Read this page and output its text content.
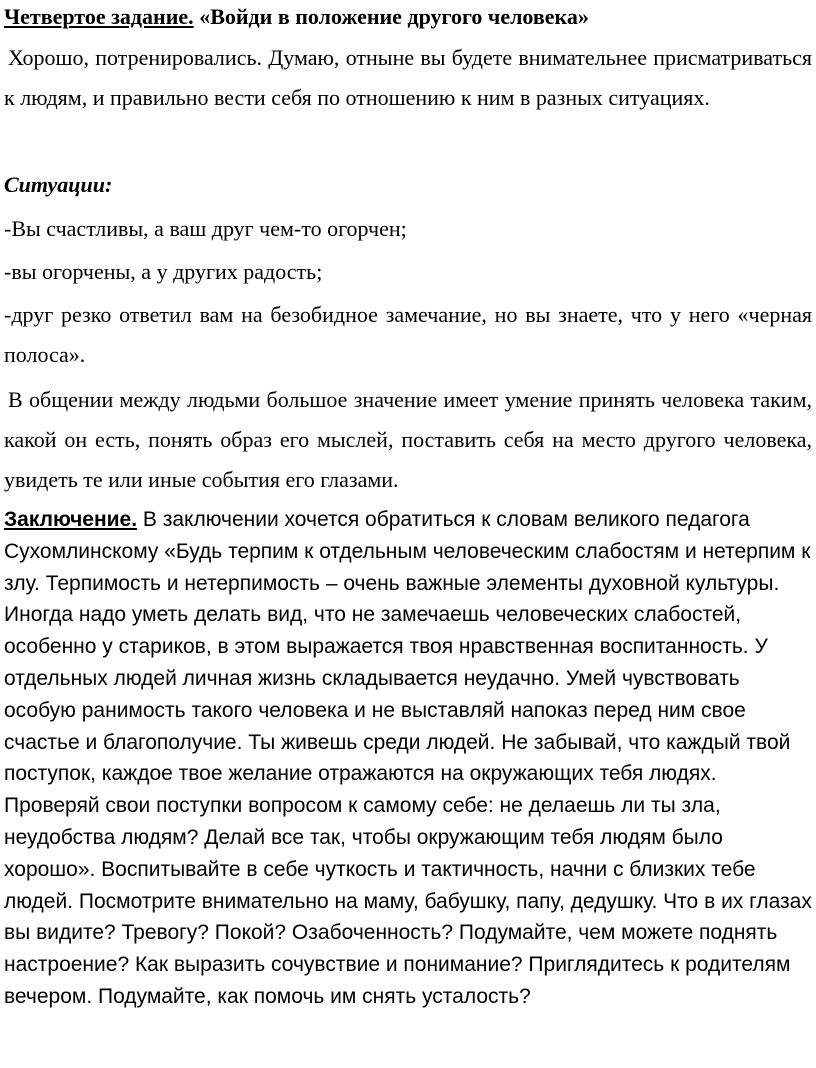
Четвертое задание. «Войди в положение другого человека»
Хорошо, потренировались. Думаю, отныне вы будете внимательнее присматриваться к людям, и правильно вести себя по отношению к ним в разных ситуациях.
Ситуации:
-Вы счастливы, а ваш друг чем-то огорчен;
-вы огорчены, а у других радость;
-друг резко ответил вам на безобидное замечание, но вы знаете, что у него «черная полоса».
В общении между людьми большое значение имеет умение принять человека таким, какой он есть, понять образ его мыслей, поставить себя на место другого человека, увидеть те или иные события его глазами.
Заключение. В заключении хочется обратиться к словам великого педагога Сухомлинскому «Будь терпим к отдельным человеческим слабостям и нетерпим к злу. Терпимость и нетерпимость – очень важные элементы духовной культуры. Иногда надо уметь делать вид, что не замечаешь человеческих слабостей, особенно у стариков, в этом выражается твоя нравственная воспитанность. У отдельных людей личная жизнь складывается неудачно. Умей чувствовать особую ранимость такого человека и не выставляй напоказ перед ним свое счастье и благополучие. Ты живешь среди людей. Не забывай, что каждый твой поступок, каждое твое желание отражаются на окружающих тебя людях. Проверяй свои поступки вопросом к самому себе: не делаешь ли ты зла, неудобства людям? Делай все так, чтобы окружающим тебя людям было хорошо». Воспитывайте в себе чуткость и тактичность, начни с близких тебе людей. Посмотрите внимательно на маму, бабушку, папу, дедушку. Что в их глазах вы видите? Тревогу? Покой? Озабоченность? Подумайте, чем можете поднять настроение? Как выразить сочувствие и понимание? Приглядитесь к родителям вечером. Подумайте, как помочь им снять усталость?
